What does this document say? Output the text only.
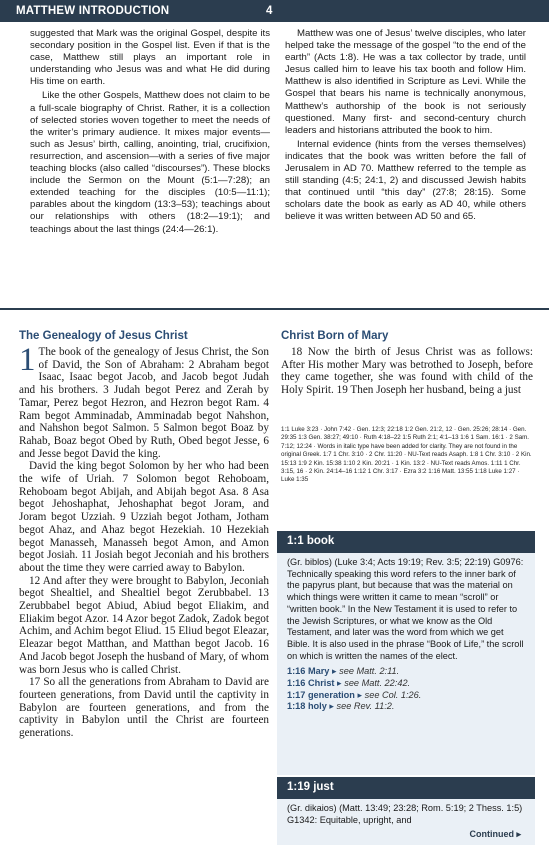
MATTHEW INTRODUCTION	4

suggested that Mark was the original Gospel, despite its secondary position in the Gospel list. Even if that is the case, Matthew still plays an important role in understanding who Jesus was and what He did during His time on earth.

Like the other Gospels, Matthew does not claim to be a full-scale biography of Christ. Rather, it is a collection of selected stories woven together to meet the needs of the writer’s primary audience. It mixes major events—such as Jesus’ birth, calling, anointing, trial, crucifixion, resurrection, and ascension—with a series of five major teaching blocks (also called “discourses”). These blocks include the Sermon on the Mount (5:1—7:28); an extended teaching for the disciples (10:5—11:1); parables about the kingdom (13:3–53); teachings about our relationships with others (18:2—19:1); and teachings about the last things (24:4—26:1).

Matthew was one of Jesus’ twelve disciples, who later helped take the message of the gospel “to the end of the earth” (Acts 1:8). He was a tax collector by trade, until Jesus called him to leave his tax booth and follow Him. Matthew is also identified in Scripture as Levi. While the Gospel that bears his name is technically anonymous, Matthew’s authorship of the book is not seriously questioned. Many first- and second-century church leaders and historians attributed the book to him.

Internal evidence (hints from the verses themselves) indicates that the book was written before the fall of Jerusalem in AD 70. Matthew referred to the temple as still standing (4:5; 24:1, 2) and discussed Jewish habits that continued until “this day” (27:8; 28:15). Some scholars date the book as early as AD 40, while others believe it was written between AD 50 and 65.

The Genealogy of Jesus Christ	Christ Born of Mary
1 The book of the genealogy of Jesus Christ, the Son of David, the Son of Abraham: 2 Abraham begot Isaac, Isaac begot Jacob, and Jacob begot Judah and his brothers. 3 Judah begot Perez and Zerah by Tamar, Perez begot Hezron, and Hezron begot Ram. 4 Ram begot Amminadab, Amminadab begot Nahshon, and Nahshon begot Salmon. 5 Salmon begot Boaz by Rahab, Boaz begot Obed by Ruth, Obed begot Jesse, 6 and Jesse begot David the king.

David the king begot Solomon by her who had been the wife of Uriah. 7 Solomon begot Rehoboam, Rehoboam begot Abijah, and Abijah begot Asa. 8 Asa begot Jehoshaphat, Jehoshaphat begot Joram, and Joram begot Uzziah. 9 Uzziah begot Jotham, Jotham begot Ahaz, and Ahaz begot Hezekiah. 10 Hezekiah begot Manasseh, Manasseh begot Amon, and Amon begot Josiah. 11 Josiah begot Jeconiah and his brothers about the time they were carried away to Babylon.

12 And after they were brought to Babylon, Jeconiah begot Shealtiel, and Shealtiel begot Zerubbabel. 13 Zerubbabel begot Abiud, Abiud begot Eliakim, and Eliakim begot Azor. 14 Azor begot Zadok, Zadok begot Achim, and Achim begot Eliud. 15 Eliud begot Eleazar, Eleazar begot Matthan, and Matthan begot Jacob. 16 And Jacob begot Joseph the husband of Mary, of whom was born Jesus who is called Christ.

17 So all the generations from Abraham to David are fourteen generations, from David until the captivity in Babylon are fourteen generations, and from the captivity in Babylon until the Christ are fourteen generations.

18 Now the birth of Jesus Christ was as follows: After His mother Mary was betrothed to Joseph, before they came together, she was found with child of the Holy Spirit. 19 Then Joseph her husband, being a just

1:1 Luke 3:23 · John 7:42 · Gen. 12:3; 22:18 1:2 Gen. 21:2, 12 · Gen. 25:26; 28:14 · Gen. 29:35 1:3 Gen. 38:27; 49:10 · Ruth 4:18–22 1:5 Ruth 2:1; 4:1–13 1:6 1 Sam. 16:1 · 2 Sam. 7:12; 12:24 · Words in italic type have been added for clarity. They are not found in the original Greek. 1:7 1 Chr. 3:10 · 2 Chr. 11:20 · NU-Text reads Asaph. 1:8 1 Chr. 3:10 · 2 Kin. 15:13 1:9 2 Kin. 15:38 1:10 2 Kin. 20:21 · 1 Kin. 13:2 · NU-Text reads Amos. 1:11 1 Chr. 3:15, 16 · 2 Kin. 24:14–16 1:12 1 Chr. 3:17 · Ezra 3:2 1:16 Matt. 13:55 1:18 Luke 1:27 · Luke 1:35
1:1 book

(Gr. biblos) (Luke 3:4; Acts 19:19; Rev. 3:5; 22:19) G0976: Technically speaking this word refers to the inner bark of the papyrus plant, but because that was the material on which things were written it came to mean “scroll” or “written book.” In the New Testament it is used to refer to the Jewish Scriptures, or what we know as the Old Testament, and later was the word from which we get Bible. It is also used in the phrase “Book of Life,” the scroll on which is written the names of the elect.

1:16 Mary ▸ see Matt. 2:11.
1:16 Christ ▸ see Matt. 22:42.
1:17 generation ▸ see Col. 1:26.
1:18 holy ▸ see Rev. 11:2.
1:19 just

(Gr. dikaios) (Matt. 13:49; 23:28; Rom. 5:19; 2 Thess. 1:5) G1342: Equitable, upright, and

Continued ▸
